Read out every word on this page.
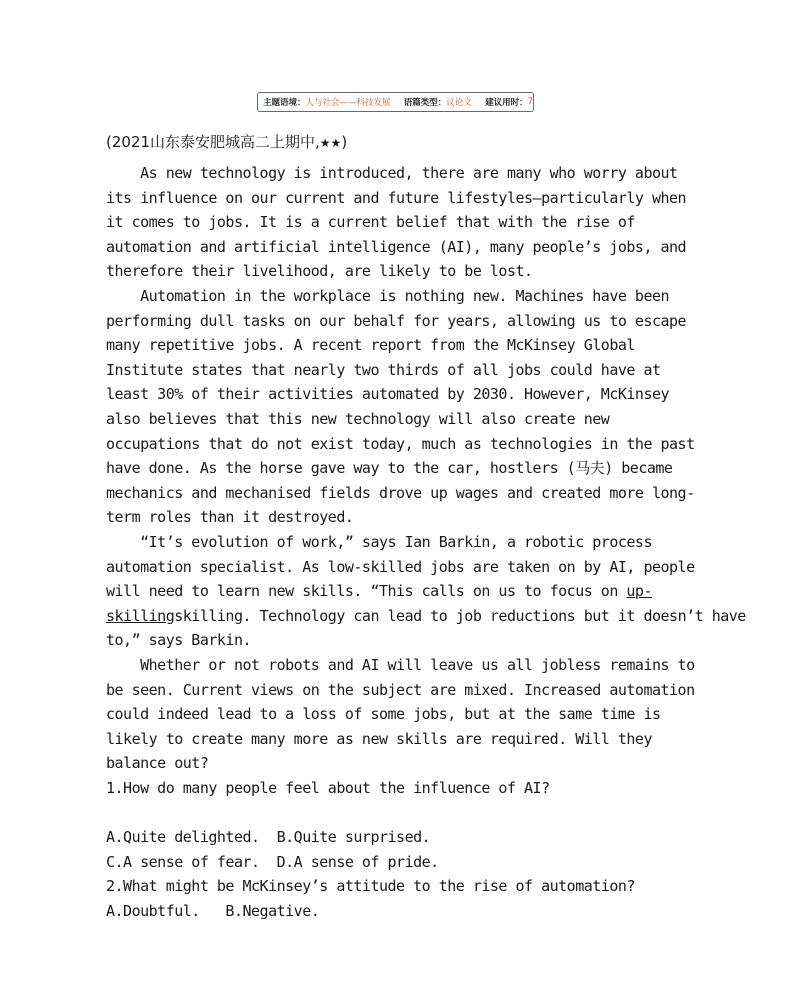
主题语境： 人与社会——科技发展 语篇类型： 议论文 建议用时： 7
(2021山东泰安肥城高二上期中,★★)
As new technology is introduced, there are many who worry about
its influence on our current and future lifestyles—particularly when
it comes to jobs. It is a current belief that with the rise of
automation and artificial intelligence (AI), many people’s jobs, and
therefore their livelihood, are likely to be lost.
Automation in the workplace is nothing new. Machines have been
performing dull tasks on our behalf for years, allowing us to escape
many repetitive jobs. A recent report from the McKinsey Global
Institute states that nearly two thirds of all jobs could have at
least 30% of their activities automated by 2030. However, McKinsey
also believes that this new technology will also create new
occupations that do not exist today, much as technologies in the past
have done. As the horse gave way to the car, hostlers (马夫) became
mechanics and mechanised fields drove up wages and created more long-
term roles than it destroyed.
“It’s evolution of work,” says Ian Barkin, a robotic process
automation specialist. As low-skilled jobs are taken on by AI, people
will need to learn new skills. “This calls on us to focus on up-
skillingskilling. Technology can lead to job reductions but it doesn’t have
to,” says Barkin.
Whether or not robots and AI will leave us all jobless remains to
be seen. Current views on the subject are mixed. Increased automation
could indeed lead to a loss of some jobs, but at the same time is
likely to create many more as new skills are required. Will they
balance out?
1.How do many people feel about the influence of AI?
A.Quite delighted.  B.Quite surprised.
C.A sense of fear.  D.A sense of pride.
2.What might be McKinsey’s attitude to the rise of automation?
A.Doubtful.   B.Negative.
